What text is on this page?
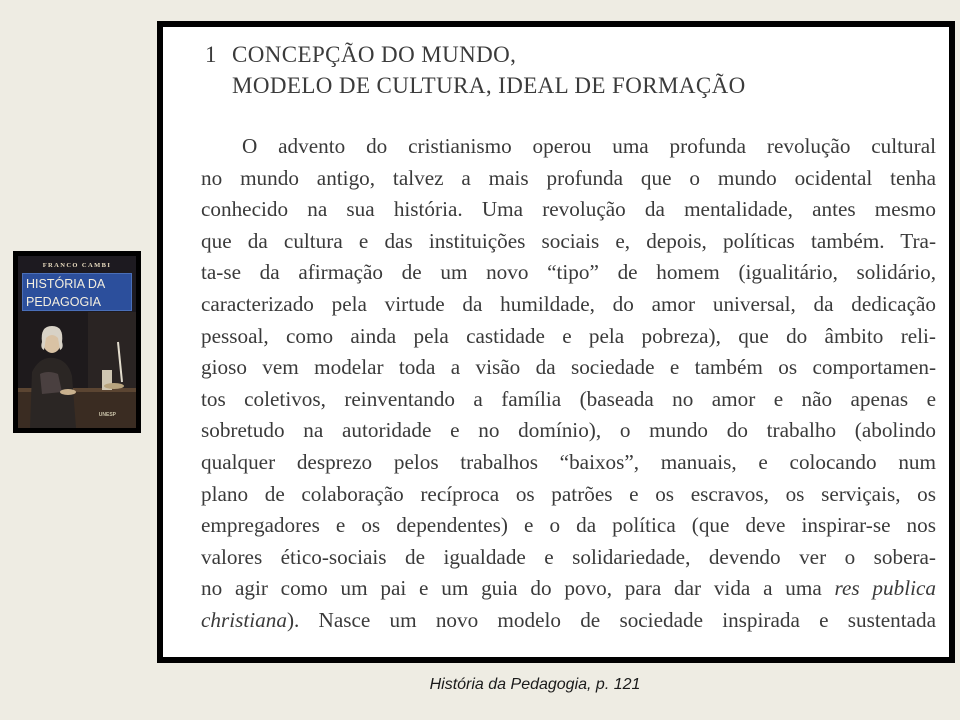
FRANCO CAMBI
HISTÓRIA DA
PEDAGOGIA
UNESP
1 CONCEPÇÃO DO MUNDO,
MODELO DE CULTURA, IDEAL DE FORMAÇÃO
O advento do cristianismo operou uma profunda revolução cultural
no mundo antigo, talvez a mais profunda que o mundo ocidental tenha
conhecido na sua história. Uma revolução da mentalidade, antes mesmo
que da cultura e das instituições sociais e, depois, políticas também. Tra-
ta-se da afirmação de um novo “tipo” de homem (igualitário, solidário,
caracterizado pela virtude da humildade, do amor universal, da dedicação
pessoal, como ainda pela castidade e pela pobreza), que do âmbito reli-
gioso vem modelar toda a visão da sociedade e também os comportamen-
tos coletivos, reinventando a família (baseada no amor e não apenas e
sobretudo na autoridade e no domínio), o mundo do trabalho (abolindo
qualquer desprezo pelos trabalhos “baixos”, manuais, e colocando num
plano de colaboração recíproca os patrões e os escravos, os serviçais, os
empregadores e os dependentes) e o da política (que deve inspirar-se nos
valores ético-sociais de igualdade e solidariedade, devendo ver o sobera-
no agir como um pai e um guia do povo, para dar vida a uma res publica
christiana). Nasce um novo modelo de sociedade inspirada e sustentada
História da Pedagogia, p. 121
